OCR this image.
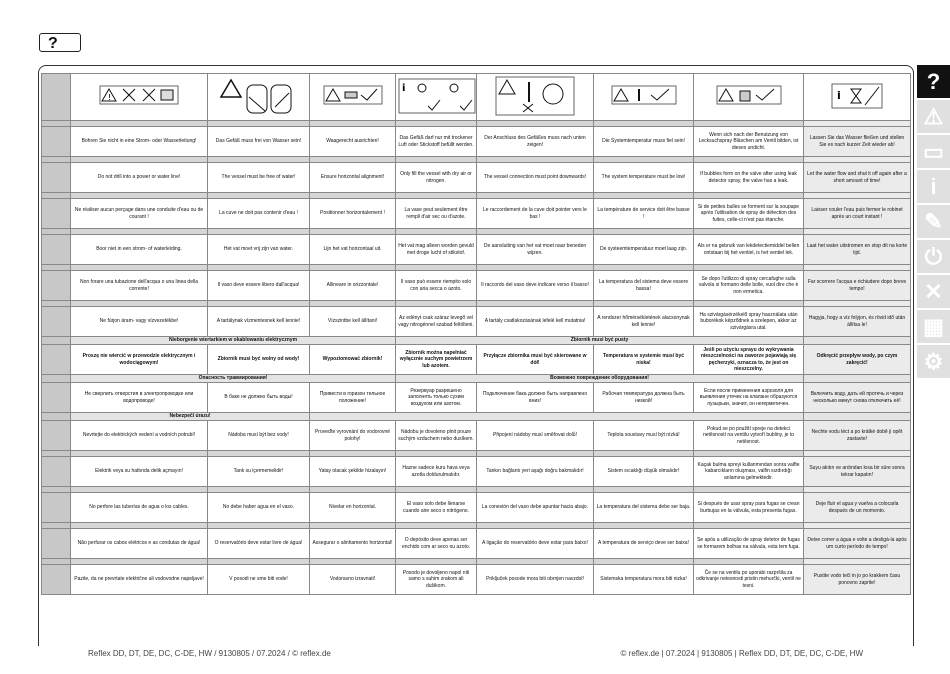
?

!			i				i	

	Bohren Sie nicht in eine Strom- oder Wasserleitung!	Das Gefäß muss frei von Wasser sein!	Waagerecht ausrichten!	Das Gefäß darf nur mit trockener Luft oder Stickstoff befüllt werden.	Der Anschluss des Gefäßes muss nach unten zeigen!	Die Systemtemperatur muss fiel sein!	Wenn sich nach der Benutzung von Lecksuchspray Bläschen am Ventil bilden, ist dieses undicht.	Lassen Sie das Wasser fließen und stellen Sie es nach kurzer Zeit wieder ab!	

	Do not drill into a power or water line!	The vessel must be free of water!	Ensure horizontal alignment!	Only fill the vessel with dry air or nitrogen.	The vessel connection must point downwards!	The system temperature must be low!	If bubbles form on the valve after using leak detector spray, the valve has a leak.	Let the water flow and shut it off again after a short amount of time!	

	Ne réaliser aucun perçage dans une conduite d'eau ou de courant !	La cuve ne doit pas contenir d'eau !	Positionner horizontalement !	La vase peut seulement être rempli d'air sec ou d'azote.	Le raccordement de la cuve doit pointer vers le bas !	La température de service doit être basse !	Si de petites bulles se forment sur la soupape après l'utilisation de spray de détection des fuites, celle-ci n'est pas étanche.	Laisser couler l'eau puis fermer le robinet après un court instant !	

	Boor niet in een strom- of waterleiding.	Het vat moet vrij zijn van water.	Lijn het vat horizontaal uit.	Het vat mag alleen worden gevuld met droge lucht of stikstof.	De aansluiting van het vat moet naar beneden wijzen.	De systeemtemperatuur moet laag zijn.	Als er na gebruik van lekdetectiemiddel bellen ontstaan bij het ventiel, is het ventiel lek.	Laat het water uitstromen en stop dit na korte tijd.	

	Non forare una tubazione dell'acqua o una linea della corrente!	Il vaso deve essere libero dall'acqua!	Allineare in orizzontale!	Il vaso può essere riempito solo con aria secca o azoto.	Il raccordo del vaso deve indicare verso il basso!	La temperatura del sistema deve essere bassa!	Se dopo l'utilizzo di spray cercafughe sulla valvola si formano delle bolle, vuol dire che è non ermetica.	Far scorrere l'acqua e richiudere dopo breve tempo!	

	Ne fúrjon áram- vagy vízvezetékbe!	A tartálynak vízmentesnek kell lennie!	Vízszintbe kell állítani!	Az edényt csak száraz levegő vel vagy nitrogénnel szabad feltölteni.	A tartály csatlakozásának lefelé kell mutatnia!	A rendszer hőmérsékletének alacsonynak kell lennie!	Ha szivárgásérzékelő spray használata után buborékok képződnek a szelepen, akkor az szivárgásra utal.	Hagyja, hogy a víz folyjon, és rövid idő után állítsa le!	
	Nieborgenie wiertarkiem w okablowaniu elektrycznym			Zbiornik musi być pusty					
	Proszę nie wiercić w przewodzie elektrycznym i wodociągowym!	Zbiornik musi być wolny od wody!	Wypoziomować zbiornik!	Zbiornik można napełniać wyłącznie suchym powietrzem lub azotem.	Przyłącze zbiornika musi być skierowane w dół!	Temperatura w systemie musi być niska!	Jeśli po użyciu sprayu do wykrywania nieszczelności na zaworze pojawiają się pęcherzyki, oznacza to, że jest on nieszczelny.	Odkręcić przepływ wody, po czym zakręcić!	
	Опасность травмирования!			Возможно повреждение оборудования!					
	Не сверлить отверстия в электропроводке или водопроводе!	В баке не должно быть воды!	Привести в горизон тельное положение!	Резервуар разрешено заполнять только сухим воздухом или азотом.	Подключение бака должно быть направлено вниз!	Рабочая температура должна быть низкой!	Если после применения аэрозоля для выявления утечек на клапане образуются пузырьки, значит, он негерметичен.	Включить воду, дать ей протечь и через несколько минут снова отключить её!	
	Nebezpečí úrazu!								
	Nevrtejte do elektrických vedení a vodních potrubí!	Nádoba musí být bez vody!	Proveďte vyrovnání do vodorovné polohy!	Nádobu je dovoleno plnit pouze suchým vzduchem nebo dusíkem.	Připojení nádoby musí směřovat dolů!	Teplota soustavy musí být nízká!	Pokud se po použití spreje na detekci netěsností na ventilu vytvoří bubliny, je to netěsnost.	Nechte vodu téct a po krátké době ji opět zastavte!	

	Elektrik veya su hattında delik açmayın!	Tank su içermemelidir!	Yatay olacak şekilde hizalayın!	Hazne sadece kuru hava veya azotla doldurulmalıdır.	Tankın bağlantı yeri aşağı doğru bakmalıdır!	Sistem sıcaklığı düşük olmalıdır!	Kaçak bulma spreyi kullanmından sonra valfte kabarcıkların oluşması, valfin sızdırdığı anlamına gelmektedir.	Suyu akıtın ve ardından kısa bir süre sonra tekrar kapatın!	

	No perfore las tuberías de agua o los cables.	No debe haber agua en el vaso.	Nivelar en horizontal.	El vaso solo debe llenarse cuando aire seco o nitrógeno.	La conexión del vaso debe apuntar hacia abajo.	La temperatura del sistema debe ser baja.	Si después de usar spray para fugas se crean burbujas en la válvula, esta presenta fugas.	Deje fluir el agua y vuelva a colocarla después de un momento.	

	Não perfurar os cabos elétricos e as condutas de água!	O reservatório deve estar livre de água!	Assegurar o alinhamento horizontal!	O depósito deve apenas ser enchido com ar seco ou azoto.	A ligação do reservatório deve estar para baixo!	A temperatura de serviço deve ser baixa!	Se após a utilização de spray detetor de fugas se formarem bolhas na válvula, esta tem fuga.	Deixe correr a água e volte a desligá-la após um curto período de tempo!	

	Pazite, da ne prevrtate električne ali vodovodne napeljave!	V posodi ne sme biti vode!	Vodoravno izravnati!	Posodo je dovoljeno napol niti samo s suhim zrakom ali dušikom.	Priključek posode mora biti obrnjen navzdol!	Sistemska temperatura mora biti nizka!	Če se na ventilu po uporabi razpršila za odkrivanje netesnosti pristin mehurčki, ventil ne tesni.	Pustite vodo teči in jo po krakkem času ponovno zaprite!	
?
⚠
▭
i
✎
⏻
✕
▦
⚙
Reflex DD, DT, DE, DC, C-DE, HW / 9130805 / 07.2024 / © reflex.de	© reflex.de | 07.2024 | 9130805 | Reflex DD, DT, DE, DC, C-DE, HW
